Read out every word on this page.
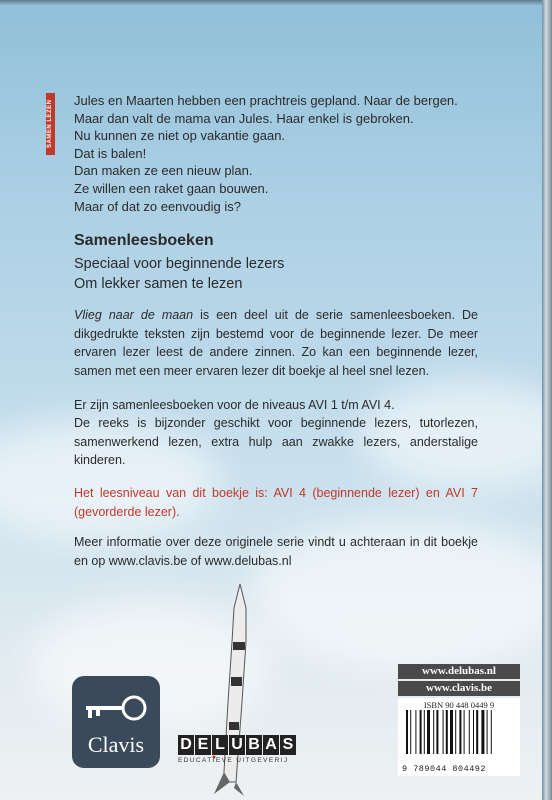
SAMEN LEZEN Jules en Maarten hebben een prachtreis gepland. Naar de bergen.
Maar dan valt de mama van Jules. Haar enkel is gebroken.
Nu kunnen ze niet op vakantie gaan.
Dat is balen!
Dan maken ze een nieuw plan.
Ze willen een raket gaan bouwen.
Maar of dat zo eenvoudig is?
Samenleesboeken
Speciaal voor beginnende lezers
Om lekker samen te lezen
Vlieg naar de maan is een deel uit de serie samenleesboeken. De dikgedrukte teksten zijn bestemd voor de beginnende lezer. De meer ervaren lezer leest de andere zinnen. Zo kan een beginnende lezer, samen met een meer ervaren lezer dit boekje al heel snel lezen.
Er zijn samenleesboeken voor de niveaus AVI 1 t/m AVI 4.
De reeks is bijzonder geschikt voor beginnende lezers, tutorlezen, samenwerkend lezen, extra hulp aan zwakke lezers, anderstalige kinderen.
Het leesniveau van dit boekje is: AVI 4 (beginnende lezer) en AVI 7 (gevorderde lezer).
Meer informatie over deze originele serie vindt u achteraan in dit boekje en op www.clavis.be of www.delubas.nl
Clavis	D E L U B A S
EDUCATIEVE UITGEVERIJ
www.delubas.nl
www.clavis.be
ISBN 90 448 0449 9
9 789044 804492
